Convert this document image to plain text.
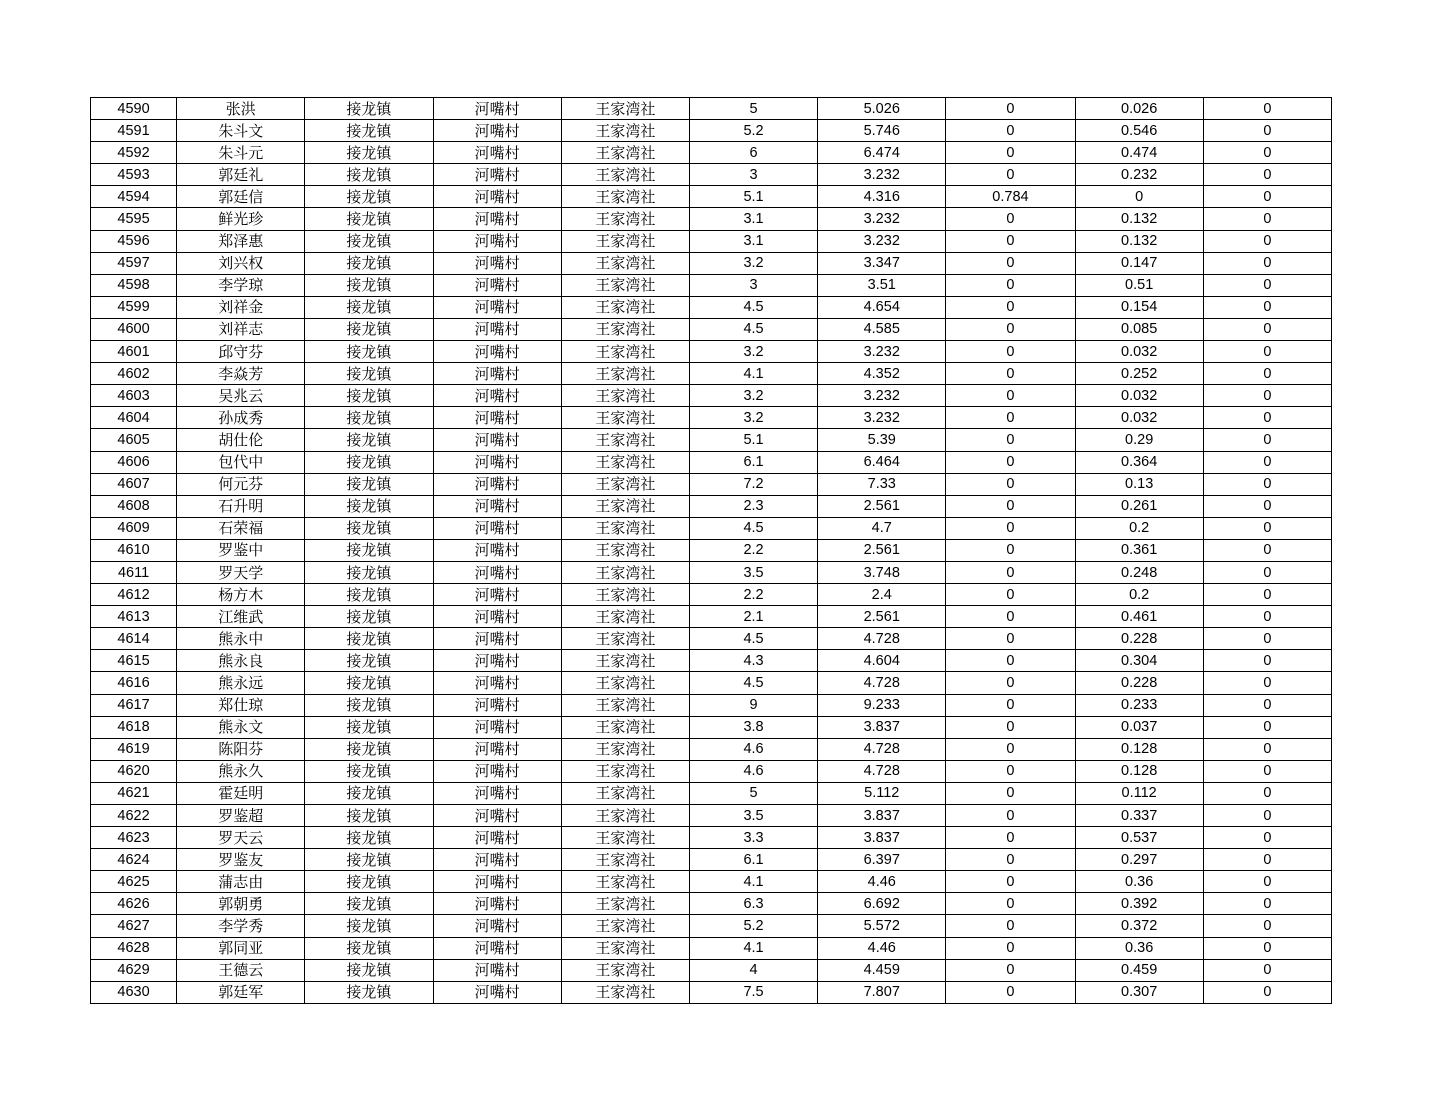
4590	张洪	接龙镇	河嘴村	王家湾社	5	5.026	0	0.026	0
4591	朱斗文	接龙镇	河嘴村	王家湾社	5.2	5.746	0	0.546	0
4592	朱斗元	接龙镇	河嘴村	王家湾社	6	6.474	0	0.474	0
4593	郭廷礼	接龙镇	河嘴村	王家湾社	3	3.232	0	0.232	0
4594	郭廷信	接龙镇	河嘴村	王家湾社	5.1	4.316	0.784	0	0
4595	鲜光珍	接龙镇	河嘴村	王家湾社	3.1	3.232	0	0.132	0
4596	郑泽惠	接龙镇	河嘴村	王家湾社	3.1	3.232	0	0.132	0
4597	刘兴权	接龙镇	河嘴村	王家湾社	3.2	3.347	0	0.147	0
4598	李学琼	接龙镇	河嘴村	王家湾社	3	3.51	0	0.51	0
4599	刘祥金	接龙镇	河嘴村	王家湾社	4.5	4.654	0	0.154	0
4600	刘祥志	接龙镇	河嘴村	王家湾社	4.5	4.585	0	0.085	0
4601	邱守芬	接龙镇	河嘴村	王家湾社	3.2	3.232	0	0.032	0
4602	李焱芳	接龙镇	河嘴村	王家湾社	4.1	4.352	0	0.252	0
4603	吴兆云	接龙镇	河嘴村	王家湾社	3.2	3.232	0	0.032	0
4604	孙成秀	接龙镇	河嘴村	王家湾社	3.2	3.232	0	0.032	0
4605	胡仕伦	接龙镇	河嘴村	王家湾社	5.1	5.39	0	0.29	0
4606	包代中	接龙镇	河嘴村	王家湾社	6.1	6.464	0	0.364	0
4607	何元芬	接龙镇	河嘴村	王家湾社	7.2	7.33	0	0.13	0
4608	石升明	接龙镇	河嘴村	王家湾社	2.3	2.561	0	0.261	0
4609	石荣福	接龙镇	河嘴村	王家湾社	4.5	4.7	0	0.2	0
4610	罗鉴中	接龙镇	河嘴村	王家湾社	2.2	2.561	0	0.361	0
4611	罗天学	接龙镇	河嘴村	王家湾社	3.5	3.748	0	0.248	0
4612	杨方木	接龙镇	河嘴村	王家湾社	2.2	2.4	0	0.2	0
4613	江维武	接龙镇	河嘴村	王家湾社	2.1	2.561	0	0.461	0
4614	熊永中	接龙镇	河嘴村	王家湾社	4.5	4.728	0	0.228	0
4615	熊永良	接龙镇	河嘴村	王家湾社	4.3	4.604	0	0.304	0
4616	熊永远	接龙镇	河嘴村	王家湾社	4.5	4.728	0	0.228	0
4617	郑仕琼	接龙镇	河嘴村	王家湾社	9	9.233	0	0.233	0
4618	熊永文	接龙镇	河嘴村	王家湾社	3.8	3.837	0	0.037	0
4619	陈阳芬	接龙镇	河嘴村	王家湾社	4.6	4.728	0	0.128	0
4620	熊永久	接龙镇	河嘴村	王家湾社	4.6	4.728	0	0.128	0
4621	霍廷明	接龙镇	河嘴村	王家湾社	5	5.112	0	0.112	0
4622	罗鉴超	接龙镇	河嘴村	王家湾社	3.5	3.837	0	0.337	0
4623	罗天云	接龙镇	河嘴村	王家湾社	3.3	3.837	0	0.537	0
4624	罗鉴友	接龙镇	河嘴村	王家湾社	6.1	6.397	0	0.297	0
4625	蒲志由	接龙镇	河嘴村	王家湾社	4.1	4.46	0	0.36	0
4626	郭朝勇	接龙镇	河嘴村	王家湾社	6.3	6.692	0	0.392	0
4627	李学秀	接龙镇	河嘴村	王家湾社	5.2	5.572	0	0.372	0
4628	郭同亚	接龙镇	河嘴村	王家湾社	4.1	4.46	0	0.36	0
4629	王德云	接龙镇	河嘴村	王家湾社	4	4.459	0	0.459	0
4630	郭廷军	接龙镇	河嘴村	王家湾社	7.5	7.807	0	0.307	0
